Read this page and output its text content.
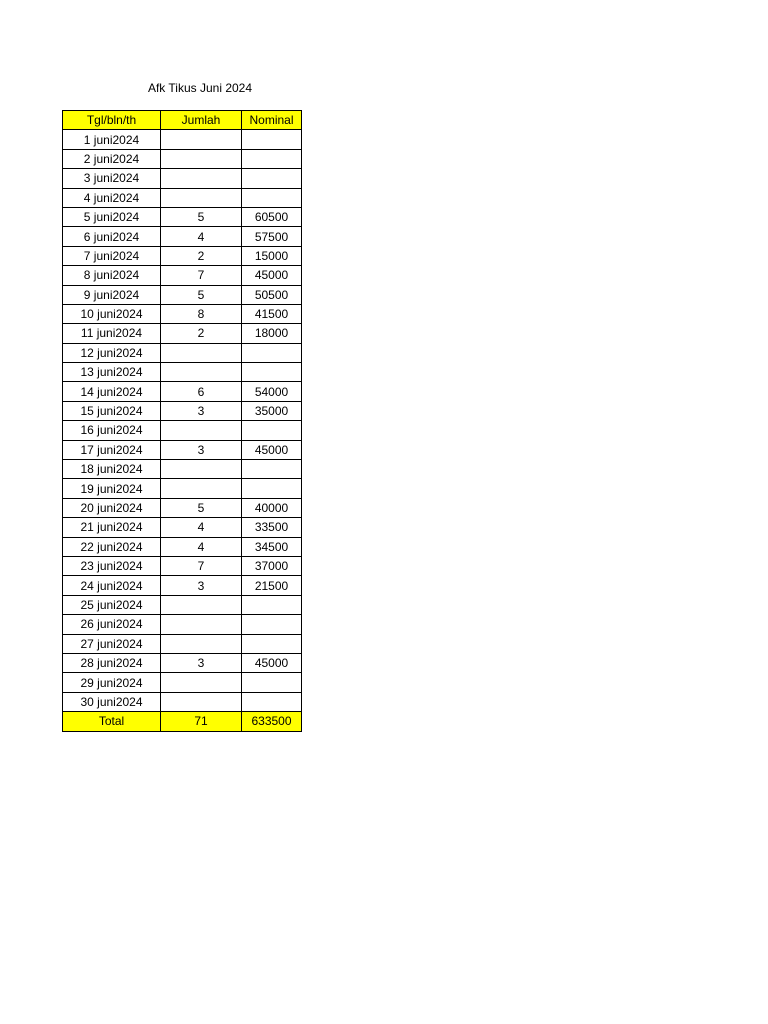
Afk Tikus Juni 2024
Tgl/bln/th	Jumlah	Nominal
1 juni2024		
2 juni2024		
3 juni2024		
4 juni2024		
5 juni2024	5	60500
6 juni2024	4	57500
7 juni2024	2	15000
8 juni2024	7	45000
9 juni2024	5	50500
10 juni2024	8	41500
11 juni2024	2	18000
12 juni2024		
13 juni2024		
14 juni2024	6	54000
15 juni2024	3	35000
16 juni2024		
17 juni2024	3	45000
18 juni2024		
19 juni2024		
20 juni2024	5	40000
21 juni2024	4	33500
22 juni2024	4	34500
23 juni2024	7	37000
24 juni2024	3	21500
25 juni2024		
26 juni2024		
27 juni2024		
28 juni2024	3	45000
29 juni2024		
30 juni2024		
Total	71	633500
